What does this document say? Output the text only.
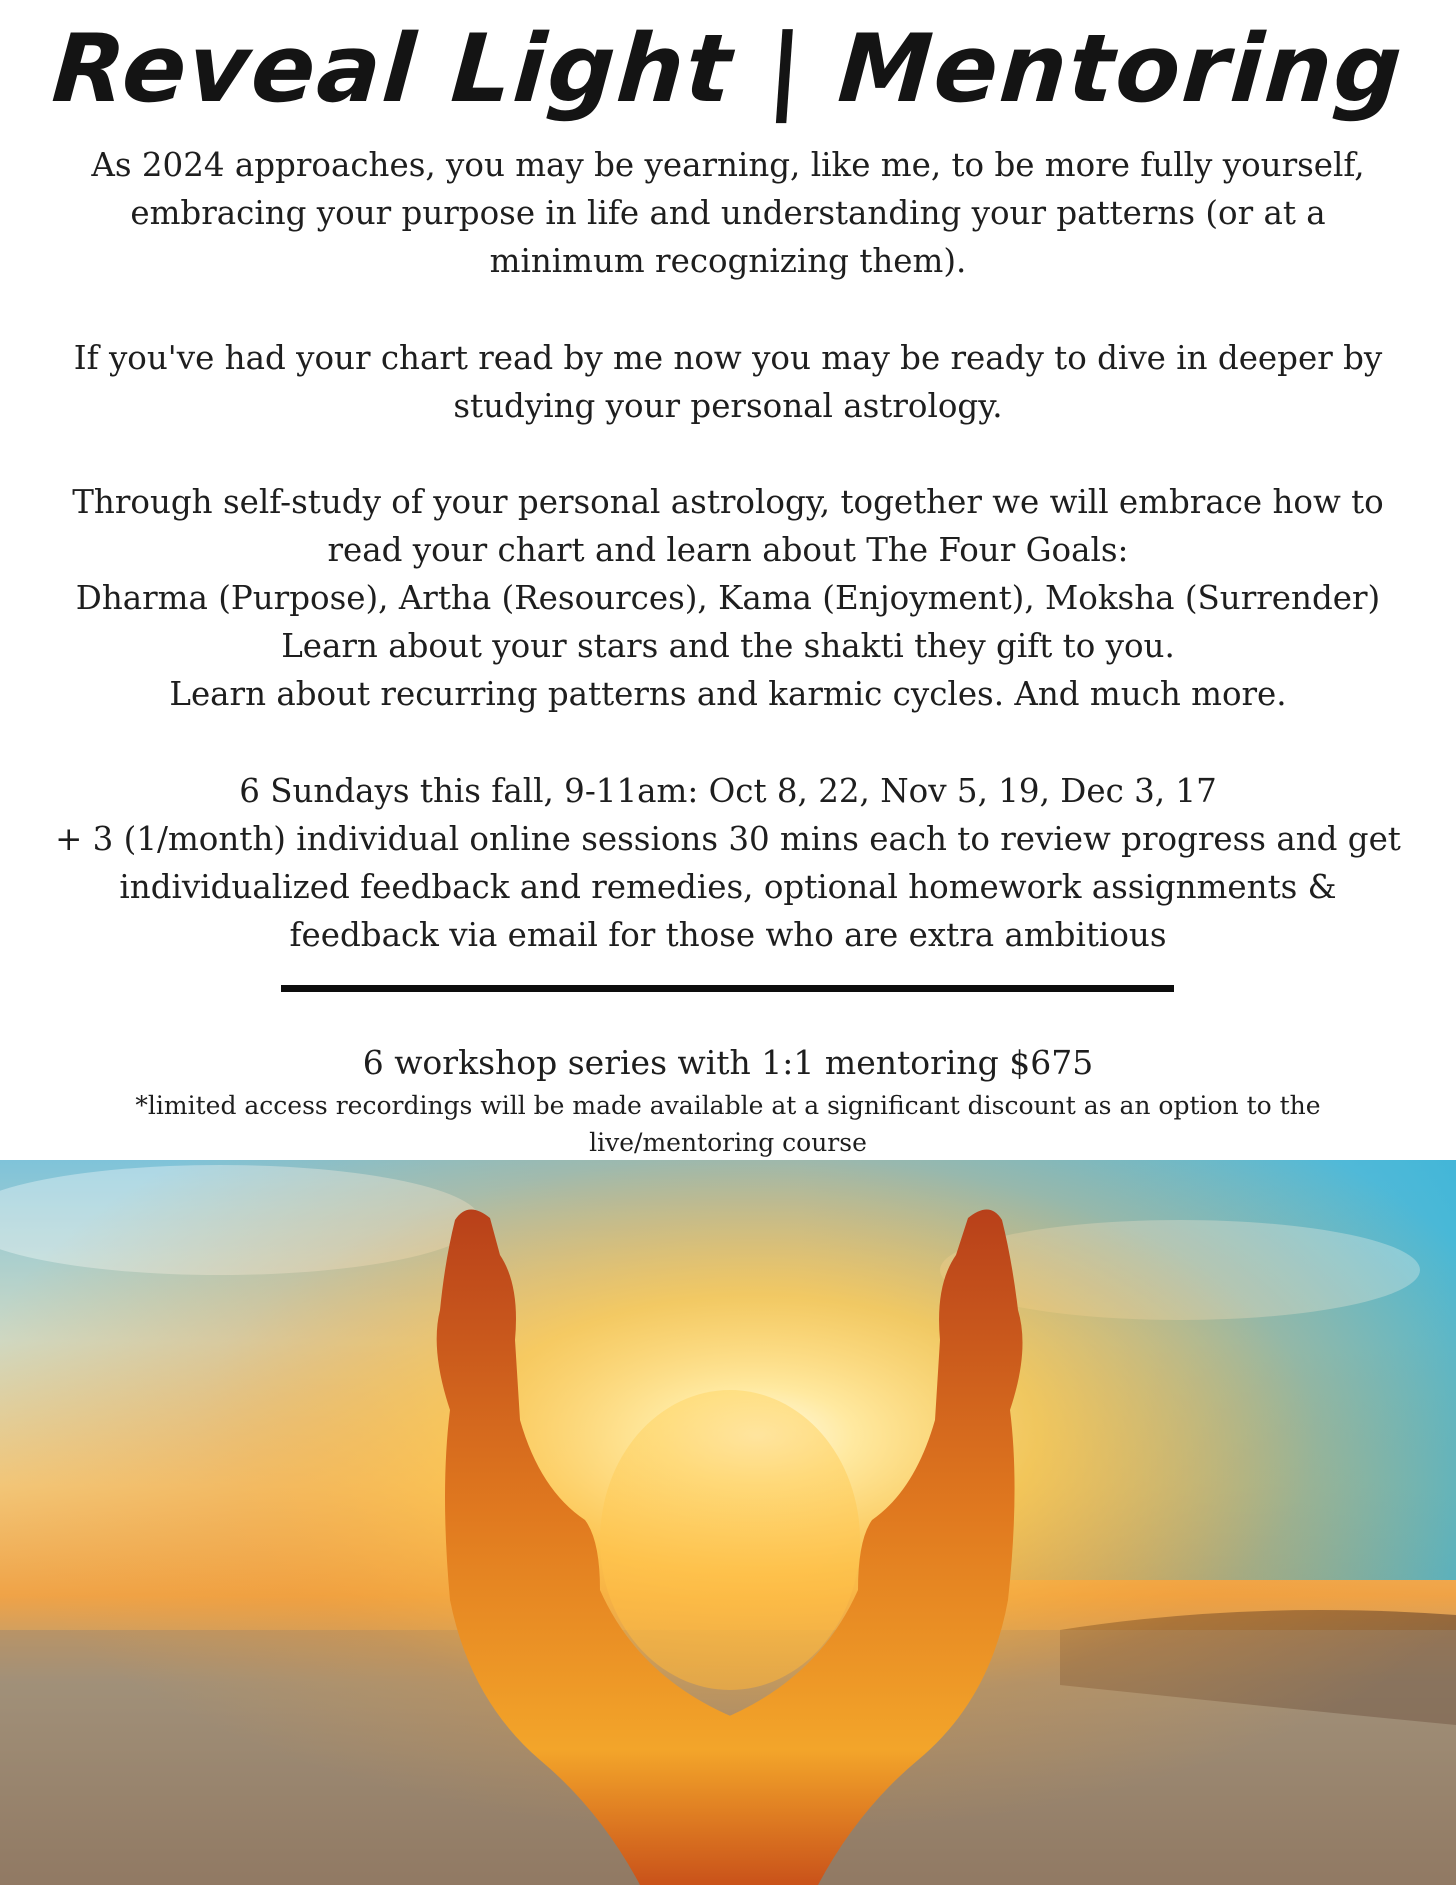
Reveal Light | Mentoring
As 2024 approaches, you may be yearning, like me, to be more fully yourself,
embracing your purpose in life and understanding your patterns (or at a
minimum recognizing them).
If you've had your chart read by me now you may be ready to dive in deeper by
studying your personal astrology.
Through self-study of your personal astrology, together we will embrace how to
read your chart and learn about The Four Goals:
Dharma (Purpose), Artha (Resources), Kama (Enjoyment), Moksha (Surrender)
Learn about your stars and the shakti they gift to you.
Learn about recurring patterns and karmic cycles. And much more.
6 Sundays this fall, 9-11am: Oct 8, 22, Nov 5, 19, Dec 3, 17
+ 3 (1/month) individual online sessions 30 mins each to review progress and get
individualized feedback and remedies, optional homework assignments &
feedback via email for those who are extra ambitious
6 workshop series with 1:1 mentoring $675
*limited access recordings will be made available at a significant discount as an option to the
live/mentoring course
